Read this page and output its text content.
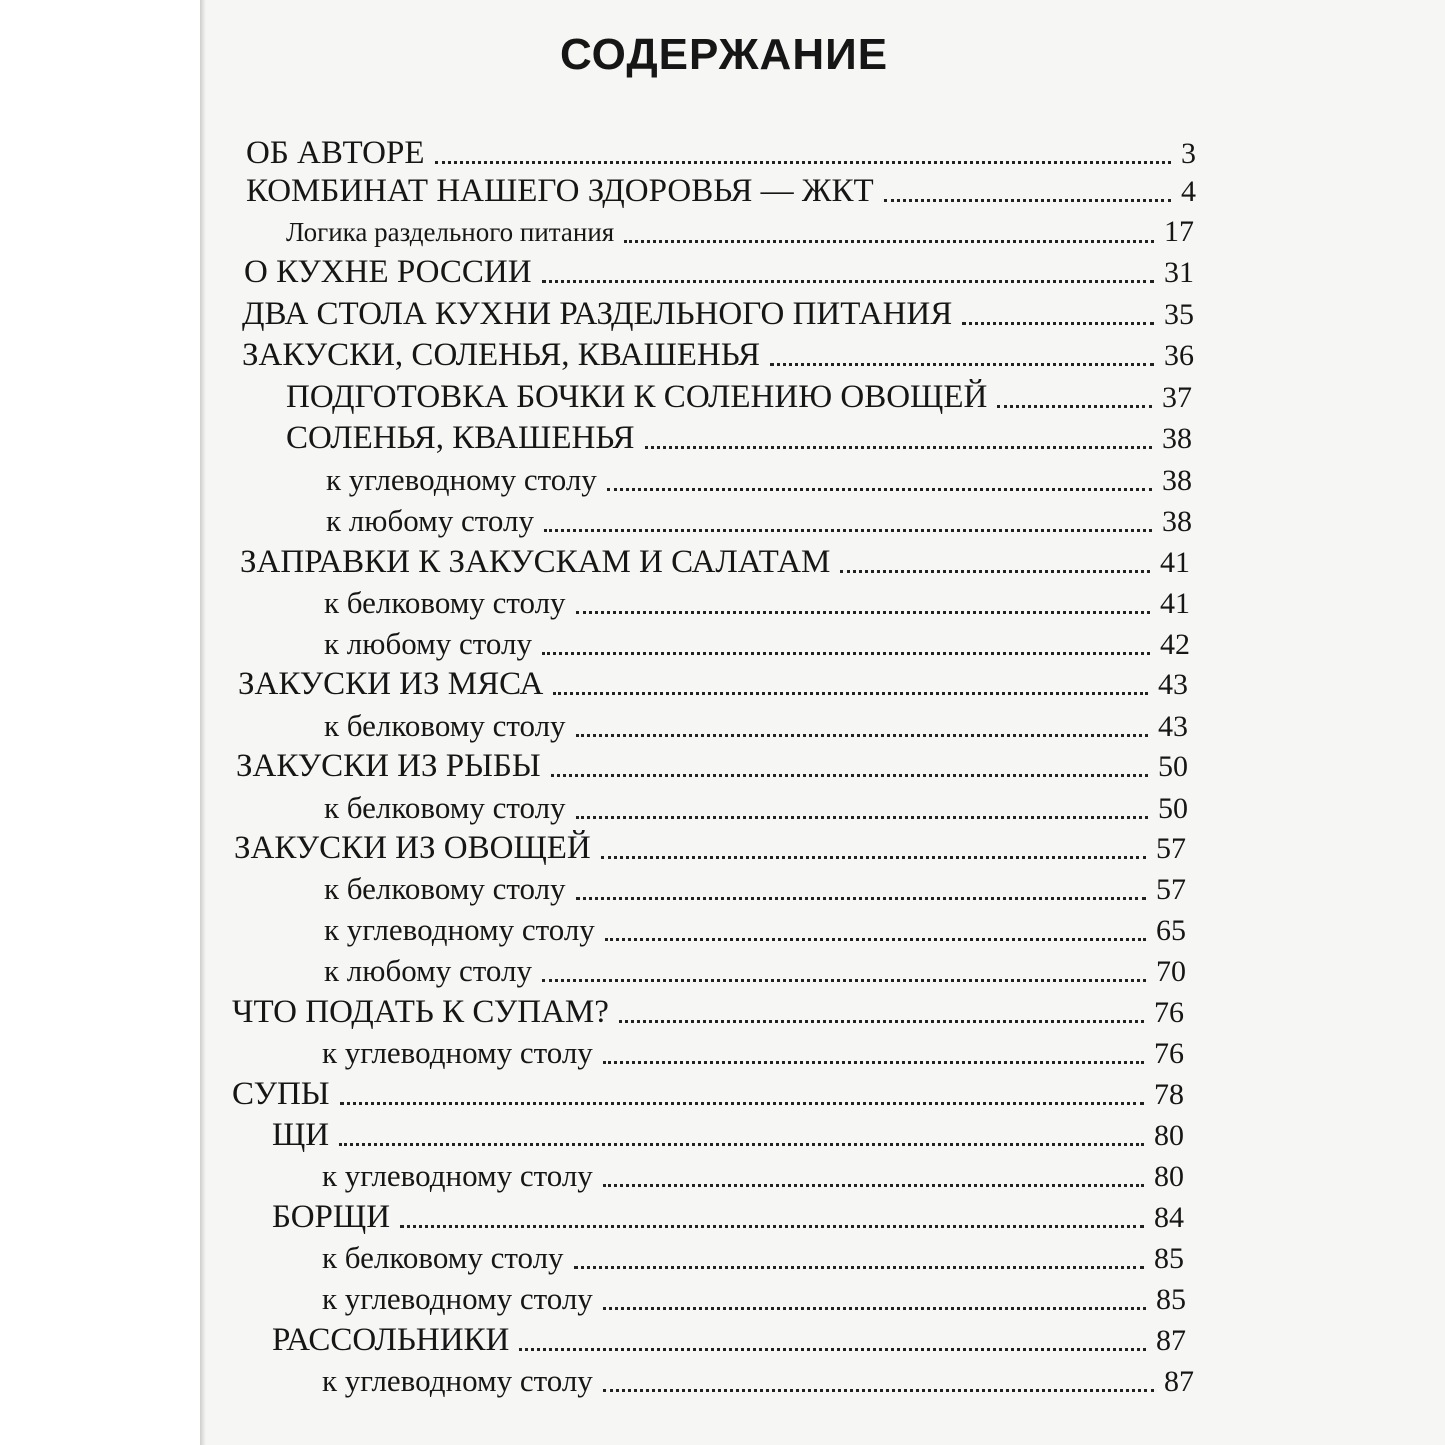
СОДЕРЖАНИЕ
ОБ АВТОРЕ	3
КОМБИНАТ НАШЕГО ЗДОРОВЬЯ — ЖКТ	4
Логика раздельного питания	17
О КУХНЕ РОССИИ	31
ДВА СТОЛА КУХНИ РАЗДЕЛЬНОГО ПИТАНИЯ	35
ЗАКУСКИ, СОЛЕНЬЯ, КВАШЕНЬЯ	36
ПОДГОТОВКА БОЧКИ К СОЛЕНИЮ ОВОЩЕЙ	37
СОЛЕНЬЯ, КВАШЕНЬЯ	38
к углеводному столу	38
к любому столу	38
ЗАПРАВКИ К ЗАКУСКАМ И САЛАТАМ	41
к белковому столу	41
к любому столу	42
ЗАКУСКИ ИЗ МЯСА	43
к белковому столу	43
ЗАКУСКИ ИЗ РЫБЫ	50
к белковому столу	50
ЗАКУСКИ ИЗ ОВОЩЕЙ	57
к белковому столу	57
к углеводному столу	65
к любому столу	70
ЧТО ПОДАТЬ К СУПАМ?	76
к углеводному столу	76
СУПЫ	78
ЩИ	80
к углеводному столу	80
БОРЩИ	84
к белковому столу	85
к углеводному столу	85
РАССОЛЬНИКИ	87
к углеводному столу	87
